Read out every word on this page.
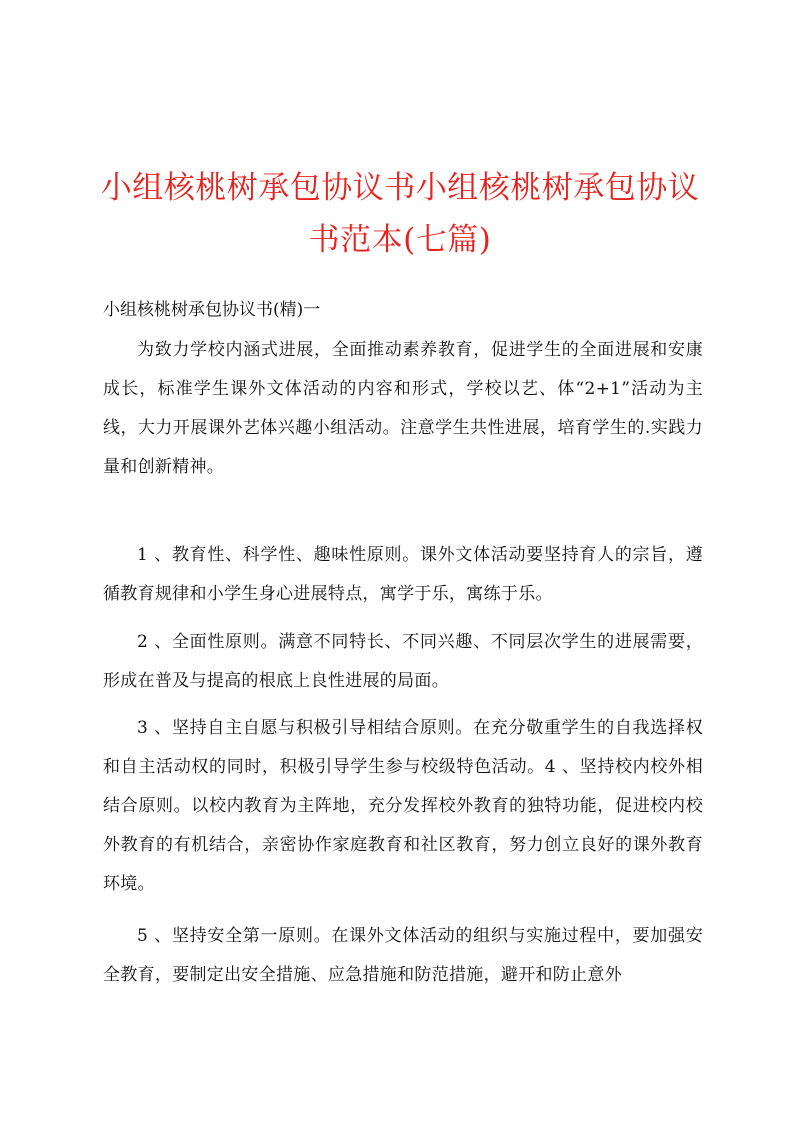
小组核桃树承包协议书小组核桃树承包协议书范本(七篇)
小组核桃树承包协议书(精)一
为致力学校内涵式进展，全面推动素养教育，促进学生的全面进展和安康成长，标准学生课外文体活动的内容和形式，学校以艺、体“2+1”活动为主线，大力开展课外艺体兴趣小组活动。注意学生共性进展，培育学生的.实践力量和创新精神。
1 、教育性、科学性、趣味性原则。课外文体活动要坚持育人的宗旨，遵循教育规律和小学生身心进展特点，寓学于乐，寓练于乐。
2 、全面性原则。满意不同特长、不同兴趣、不同层次学生的进展需要，形成在普及与提高的根底上良性进展的局面。
3 、坚持自主自愿与积极引导相结合原则。在充分敬重学生的自我选择权和自主活动权的同时，积极引导学生参与校级特色活动。4 、坚持校内校外相结合原则。以校内教育为主阵地，充分发挥校外教育的独特功能，促进校内校外教育的有机结合，亲密协作家庭教育和社区教育，努力创立良好的课外教育环境。
5 、坚持安全第一原则。在课外文体活动的组织与实施过程中，要加强安全教育，要制定出安全措施、应急措施和防范措施，避开和防止意外
